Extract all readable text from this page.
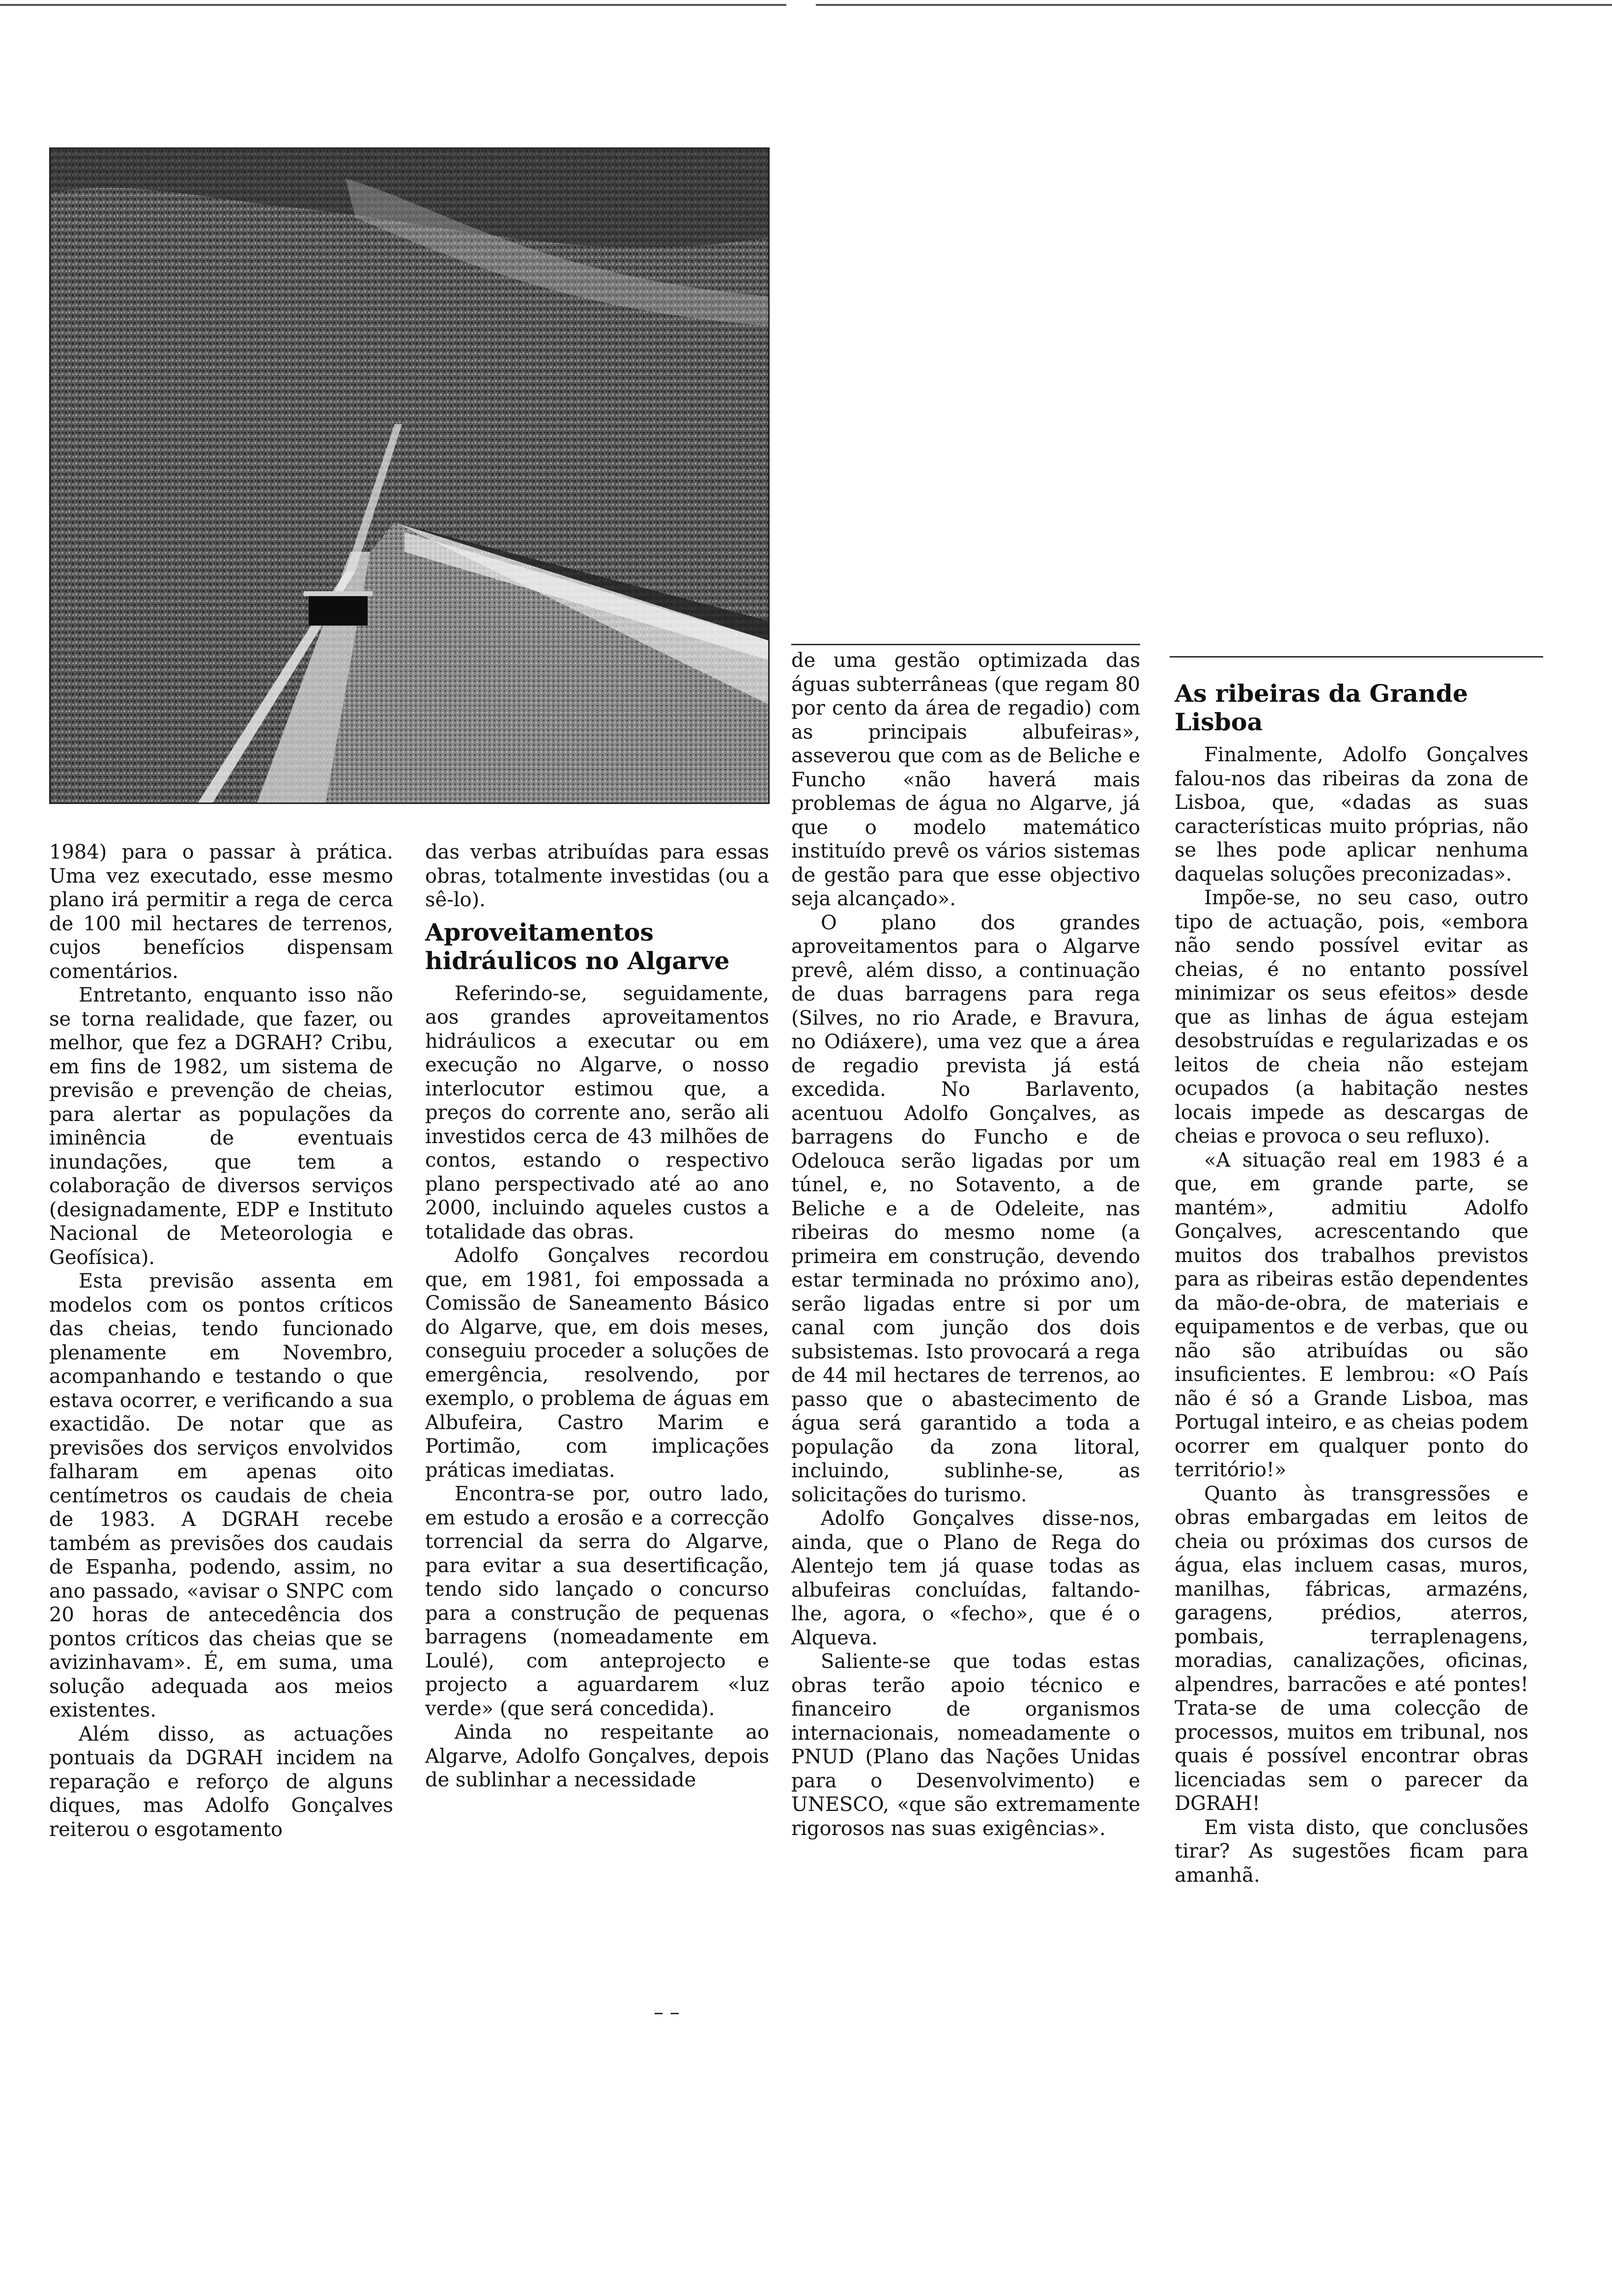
1984) para o passar à prática. Uma vez executado, esse mesmo plano irá permitir a rega de cerca de 100 mil hectares de terrenos, cujos benefícios dispensam comentários.

Entretanto, enquanto isso não se torna realidade, que fazer, ou melhor, que fez a DGRAH? Cribu, em fins de 1982, um sistema de previsão e prevenção de cheias, para alertar as populações da iminência de eventuais inundações, que tem a colaboração de diversos serviços (designadamente, EDP e Instituto Nacional de Meteorologia e Geofísica).

Esta previsão assenta em modelos com os pontos críticos das cheias, tendo funcionado plenamente em Novembro, acompanhando e testando o que estava ocorrer, e verificando a sua exactidão. De notar que as previsões dos serviços envolvidos falharam em apenas oito centímetros os caudais de cheia de 1983. A DGRAH recebe também as previsões dos caudais de Espanha, podendo, assim, no ano passado, «avisar o SNPC com 20 horas de antecedência dos pontos críticos das cheias que se avizinhavam». É, em suma, uma solução adequada aos meios existentes.

Além disso, as actuações pontuais da DGRAH incidem na reparação e reforço de alguns diques, mas Adolfo Gonçalves reiterou o esgotamento

das verbas atribuídas para essas obras, totalmente investidas (ou a sê-lo).

Aproveitamentos hidráulicos no Algarve

Referindo-se, seguidamente, aos grandes aproveitamentos hidráulicos a executar ou em execução no Algarve, o nosso interlocutor estimou que, a preços do corrente ano, serão ali investidos cerca de 43 milhões de contos, estando o respectivo plano perspectivado até ao ano 2000, incluindo aqueles custos a totalidade das obras.

Adolfo Gonçalves recordou que, em 1981, foi empossada a Comissão de Saneamento Básico do Algarve, que, em dois meses, conseguiu proceder a soluções de emergência, resolvendo, por exemplo, o problema de águas em Albufeira, Castro Marim e Portimão, com implicações práticas imediatas.

Encontra-se por, outro lado, em estudo a erosão e a correcção torrencial da serra do Algarve, para evitar a sua desertificação, tendo sido lançado o concurso para a construção de pequenas barragens (nomeadamente em Loulé), com anteprojecto e projecto a aguardarem «luz verde» (que será concedida).

Ainda no respeitante ao Algarve, Adolfo Gonçalves, depois de sublinhar a necessidade

– –

de uma gestão optimizada das águas subterrâneas (que regam 80 por cento da área de regadio) com as principais albufeiras», asseverou que com as de Beliche e Funcho «não haverá mais problemas de água no Algarve, já que o modelo matemático instituído prevê os vários sistemas de gestão para que esse objectivo seja alcançado».

O plano dos grandes aproveitamentos para o Algarve prevê, além disso, a continuação de duas barragens para rega (Silves, no rio Arade, e Bravura, no Odiáxere), uma vez que a área de regadio prevista já está excedida. No Barlavento, acentuou Adolfo Gonçalves, as barragens do Funcho e de Odelouca serão ligadas por um túnel, e, no Sotavento, a de Beliche e a de Odeleite, nas ribeiras do mesmo nome (a primeira em construção, devendo estar terminada no próximo ano), serão ligadas entre si por um canal com junção dos dois subsistemas. Isto provocará a rega de 44 mil hectares de terrenos, ao passo que o abastecimento de água será garantido a toda a população da zona litoral, incluindo, sublinhe-se, as solicitações do turismo.

Adolfo Gonçalves disse-nos, ainda, que o Plano de Rega do Alentejo tem já quase todas as albufeiras concluídas, faltando-lhe, agora, o «fecho», que é o Alqueva.

Saliente-se que todas estas obras terão apoio técnico e financeiro de organismos internacionais, nomeadamente o PNUD (Plano das Nações Unidas para o Desenvolvimento) e UNESCO, «que são extremamente rigorosos nas suas exigências».

As ribeiras da Grande Lisboa

Finalmente, Adolfo Gonçalves falou-nos das ribeiras da zona de Lisboa, que, «dadas as suas características muito próprias, não se lhes pode aplicar nenhuma daquelas soluções preconizadas».

Impõe-se, no seu caso, outro tipo de actuação, pois, «embora não sendo possível evitar as cheias, é no entanto possível minimizar os seus efeitos» desde que as linhas de água estejam desobstruídas e regularizadas e os leitos de cheia não estejam ocupados (a habitação nestes locais impede as descargas de cheias e provoca o seu refluxo).

«A situação real em 1983 é a que, em grande parte, se mantém», admitiu Adolfo Gonçalves, acrescentando que muitos dos trabalhos previstos para as ribeiras estão dependentes da mão-de-obra, de materiais e equipamentos e de verbas, que ou não são atribuídas ou são insuficientes. E lembrou: «O País não é só a Grande Lisboa, mas Portugal inteiro, e as cheias podem ocorrer em qualquer ponto do território!»

Quanto às transgressões e obras embargadas em leitos de cheia ou próximas dos cursos de água, elas incluem casas, muros, manilhas, fábricas, armazéns, garagens, prédios, aterros, pombais, terraplenagens, moradias, canalizações, oficinas, alpendres, barracões e até pontes! Trata-se de uma colecção de processos, muitos em tribunal, nos quais é possível encontrar obras licenciadas sem o parecer da DGRAH!

Em vista disto, que conclusões tirar? As sugestões ficam para amanhã.
